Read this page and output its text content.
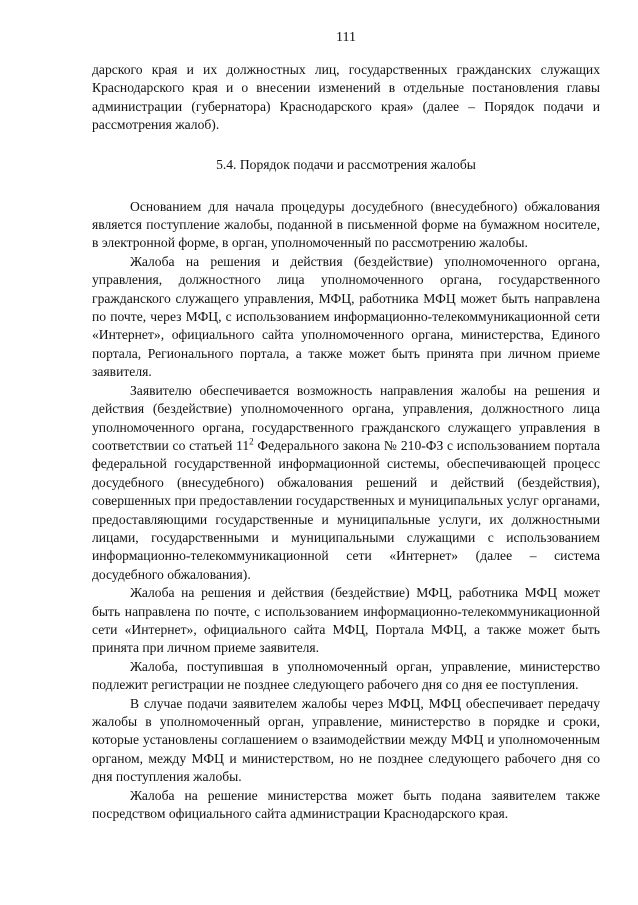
111

дарского края и их должностных лиц, государственных гражданских служащих Краснодарского края и о внесении изменений в отдельные постановления главы администрации (губернатора) Краснодарского края» (далее – Порядок подачи и рассмотрения жалоб).

5.4. Порядок подачи и рассмотрения жалобы

Основанием для начала процедуры досудебного (внесудебного) обжалования является поступление жалобы, поданной в письменной форме на бумажном носителе, в электронной форме, в орган, уполномоченный по рассмотрению жалобы.

Жалоба на решения и действия (бездействие) уполномоченного органа, управления, должностного лица уполномоченного органа, государственного гражданского служащего управления, МФЦ, работника МФЦ может быть направлена по почте, через МФЦ, с использованием информационно-телекоммуникационной сети «Интернет», официального сайта уполномоченного органа, министерства, Единого портала, Регионального портала, а также может быть принята при личном приеме заявителя.

Заявителю обеспечивается возможность направления жалобы на решения и действия (бездействие) уполномоченного органа, управления, должностного лица уполномоченного органа, государственного гражданского служащего управления в соответствии со статьей $11^2$ Федерального закона № 210-ФЗ с использованием портала федеральной государственной информационной системы, обеспечивающей процесс досудебного (внесудебного) обжалования решений и действий (бездействия), совершенных при предоставлении государственных и муниципальных услуг органами, предоставляющими государственные и муниципальные услуги, их должностными лицами, государственными и муниципальными служащими с использованием информационно-телекоммуникационной сети «Интернет» (далее – система досудебного обжалования).

Жалоба на решения и действия (бездействие) МФЦ, работника МФЦ может быть направлена по почте, с использованием информационно-телекоммуникационной сети «Интернет», официального сайта МФЦ, Портала МФЦ, а также может быть принята при личном приеме заявителя.

Жалоба, поступившая в уполномоченный орган, управление, министерство подлежит регистрации не позднее следующего рабочего дня со дня ее поступления.

В случае подачи заявителем жалобы через МФЦ, МФЦ обеспечивает передачу жалобы в уполномоченный орган, управление, министерство в порядке и сроки, которые установлены соглашением о взаимодействии между МФЦ и уполномоченным органом, между МФЦ и министерством, но не позднее следующего рабочего дня со дня поступления жалобы.

Жалоба на решение министерства может быть подана заявителем также посредством официального сайта администрации Краснодарского края.
